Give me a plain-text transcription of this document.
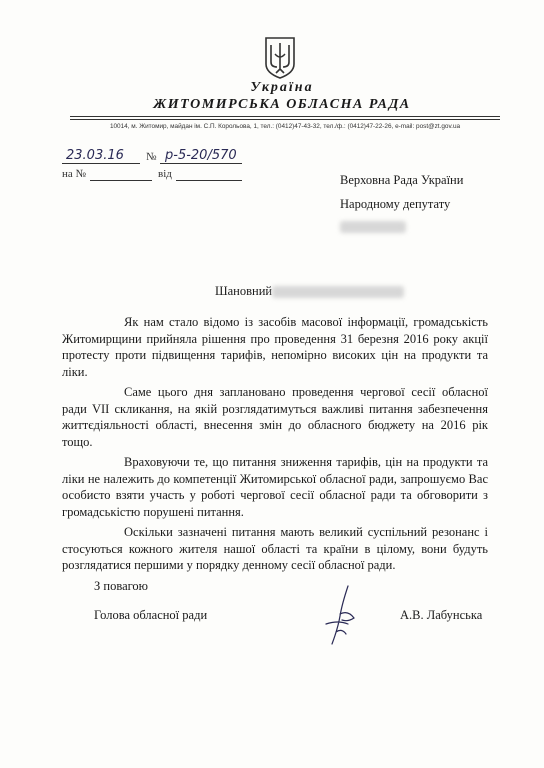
Україна
ЖИТОМИРСЬКА ОБЛАСНА РАДА
10014, м. Житомир, майдан ім. С.П. Корольова, 1, тел.: (0412)47-43-32, тел./ф.: (0412)47-22-26, e-mail: post@zt.gov.ua
23.03.16 № р-5-20/570
на №	від	Верховна Рада України
Народному депутату
Шановний

Як нам стало відомо із засобів масової інформації, громадськість Житомирщини прийняла рішення про проведення 31 березня 2016 року акції протесту проти підвищення тарифів, непомірно високих цін на продукти та ліки.

Саме цього дня заплановано проведення чергової сесії обласної ради VII скликання, на якій розглядатимуться важливі питання забезпечення життєдіяльності області, внесення змін до обласного бюджету на 2016 рік тощо.

Враховуючи те, що питання зниження тарифів, цін на продукти та ліки не належить до компетенції Житомирської обласної ради, запрошуємо Вас особисто взяти участь у роботі чергової сесії обласної ради та обговорити з громадськістю порушені питання.

Оскільки зазначені питання мають великий суспільний резонанс і стосуються кожного жителя нашої області та країни в цілому, вони будуть розглядатися першими у порядку денному сесії обласної ради.

З повагою
Голова обласної ради	А.В. Лабунська
